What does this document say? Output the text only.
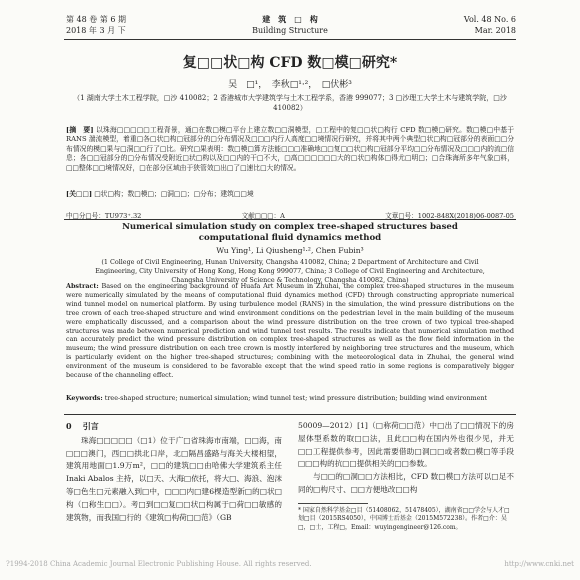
第 48 卷 第 6 期
2018 年 3 月 下
建　筑　□　构
Building Structure
Vol. 48 No. 6
Mar. 2018
复□□状□构 CFD 数□模□研究*
吴　□¹，　李秋□¹·²，　□伏彬³
（1 湖南大学土木工程学院，□沙 410082；2 香港城市大学建筑学与土木工程学系，香港 999077；3 □沙理工大学土木与建筑学院，□沙 410082）
[摘　要] 以珠海□□□□□工程背景，通□在数□模□平台上建立数□□洞模型，□工程中的复□□状□构行 CFD 数□模□研究。数□模□中基于 RANS 湍流模型，着重□各□状□构□冠部分的□分布情况及□□□内行人高度□□境情况行研究，并将其中两个典型□状□构□冠部分的表面□□分布情况的模□果与□洞□□行了□比。研究□果表明：数□模□算方法能□□□准确地□□复□□状□构□冠部分平均□□分布情况及□□□内的流□信息；各□□冠部分的□分布情况受附近□状□构以及□□内的干□不大，□高□□□□□□大的□状□构体□得尤□明□；□合珠海所多年气象□料，□□整体□□境情况好，□在部分区域由于狭管效□出□了□速比□大的情况。
[关□□] □状□构；数□模□；□洞□□；□分布；建筑□□境
中□分□号：TU973⁺.32	文献□□□：A	文章□号：1002-848X(2018)06-0087-05
Numerical simulation study on complex tree-shaped structures based computational fluid dynamics method
Wu Ying¹, Li Qiusheng¹·², Chen Fubin³
(1 College of Civil Engineering, Hunan University, Changsha 410082, China; 2 Department of Architecture and Civil Engineering, City University of Hong Kong, Hong Kong 999077, China; 3 College of Civil Engineering and Architecture, Changsha University of Science & Technology, Changsha 410082, China)
Abstract: Based on the engineering background of Huafa Art Museum in Zhuhai, the complex tree-shaped structures in the museum were numerically simulated by the means of computational fluid dynamics method (CFD) through constructing appropriate numerical wind tunnel model on numerical platform. By using turbulence model (RANS) in the simulation, the wind pressure distributions on the tree crown of each tree-shaped structure and wind environment conditions on the pedestrian level in the main building of the museum were emphatically discussed, and a comparison about the wind pressure distribution on the tree crown of two typical tree-shaped structures was made between numerical prediction and wind tunnel test results. The results indicate that numerical simulation method can accurately predict the wind pressure distribution on complex tree-shaped structures as well as the flow field information in the museum; the wind pressure distribution on each tree crown is mostly interfered by neighboring tree structures and the museum, which is particularly evident on the higher tree-shaped structures; combining with the meteorological data in Zhuhai, the general wind environment of the museum is considered to be favorable except that the wind speed ratio in some regions is comparatively bigger because of the channeling effect.
Keywords: tree-shaped structure; numerical simulation; wind tunnel test; wind pressure distribution; building wind environment
0 引言
珠海□□□□□（□1）位于广□省珠海市南端，□□海，南□□□澳门，西□□拱北口岸，北□隔昌盛路与海关大楼相望，建筑用地面□1.9万m²，□□的建筑□□由哈佛大学建筑系主任 Inaki Abalos 主持，以□天、大海□依托，将大□、海浪、泡沫等□色生□元素融入到□中，□□□内□建6棵造型新□的□状□构（□称生□□）。考□到□□复□□状□构属于□荷□□敏感的建筑物，而我国□行的《建筑□构荷□□范》（GB
50009—2012）[1]（□称荷□□范）中□出了□□情况下的房屋体型系数的取□□法，且此□□构在国内外也很少见，并无□□工程提供参考，因此需要借助□洞□□或者数□模□等手段□□□构的抗□□提供相关的□□参数。
与□□的□洞□□方法相比，CFD 数□模□方法可以□足不同的□构尺寸、□□方便地改□□构
* 国家自然科学基金□目（51408062，51478405），湖南省□□学会与人才□划□目（2015RS4050），中国博士后基金（2015M572238）。作者□介：吴□，□士，工程□，Email：wuyingengineer@126.com。
?1994-2018 China Academic Journal Electronic Publishing House. All rights reserved.	http://www.cnki.net
